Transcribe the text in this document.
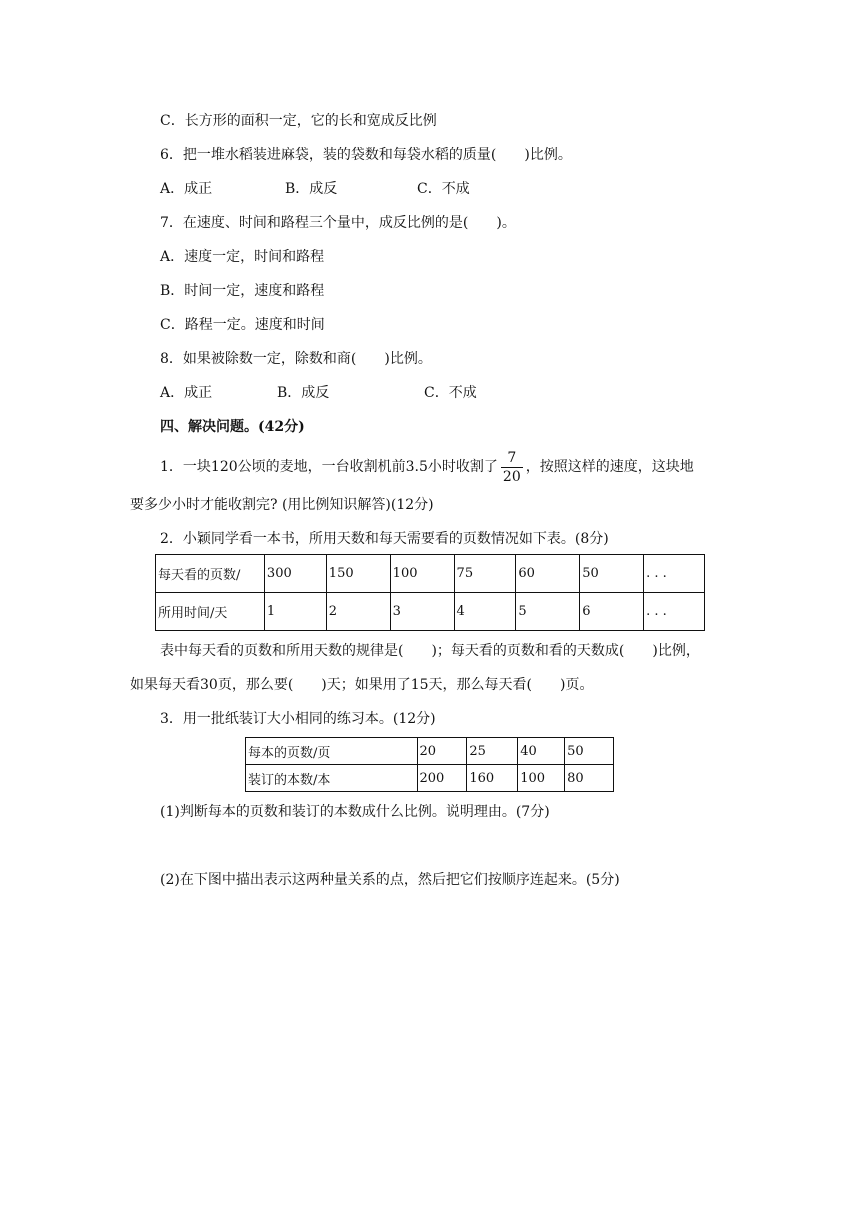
C．长方形的面积一定，它的长和宽成反比例
6．把一堆水稻装进麻袋，装的袋数和每袋水稻的质量(　　)比例。
A．成正	B．成反	C．不成
7．在速度、时间和路程三个量中，成反比例的是(　　)。
A．速度一定，时间和路程
B．时间一定，速度和路程
C．路程一定。速度和时间
8．如果被除数一定，除数和商(　　)比例。
A．成正	B．成反	C．不成
四、解决问题。(42分)
1．一块120公顷的麦地，一台收割机前3.5小时收割了 $\frac{7}{20}$ ，按照这样的速度，这块地
要多少小时才能收割完? (用比例知识解答)(12分)
2．小颖同学看一本书，所用天数和每天需要看的页数情况如下表。(8分)
每天看的页数/	300	150	100	75	60	50	. . .
所用时间/天	1	2	3	4	5	6	. . .
表中每天看的页数和所用天数的规律是(　　)；每天看的页数和看的天数成(　　)比例，
如果每天看30页，那么要(　　)天；如果用了15天，那么每天看(　　)页。
3．用一批纸装订大小相同的练习本。(12分)
每本的页数/页	20	25	40	50
装订的本数/本	200	160	100	80
(1)判断每本的页数和装订的本数成什么比例。说明理由。(7分)
(2)在下图中描出表示这两种量关系的点，然后把它们按顺序连起来。(5分)
